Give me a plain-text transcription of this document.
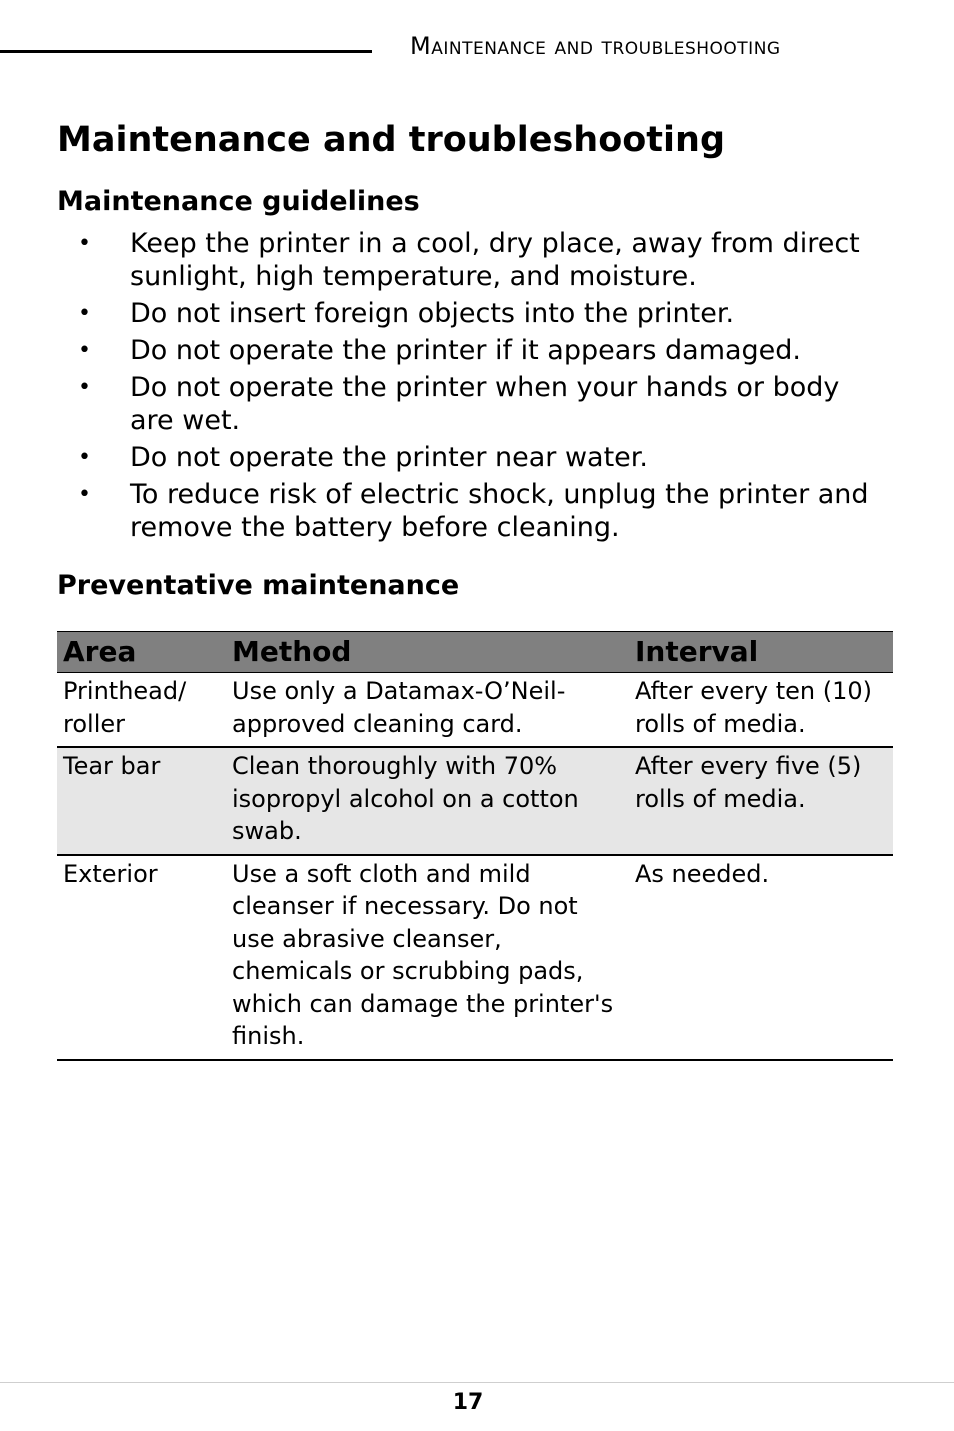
Maintenance and troubleshooting
Maintenance and troubleshooting
Maintenance guidelines
• Keep the printer in a cool, dry place, away from direct sunlight, high temperature, and moisture.
• Do not insert foreign objects into the printer.
• Do not operate the printer if it appears damaged.
• Do not operate the printer when your hands or body are wet.
• Do not operate the printer near water.
• To reduce risk of electric shock, unplug the printer and remove the battery before cleaning.
Preventative maintenance
Area	Method	Interval
Printhead/ roller	Use only a Datamax-O’Neil-approved cleaning card.	After every ten (10) rolls of media.
Tear bar	Clean thoroughly with 70% isopropyl alcohol on a cotton swab.	After every five (5) rolls of media.
Exterior	Use a soft cloth and mild cleanser if necessary. Do not use abrasive cleanser, chemicals or scrubbing pads, which can damage the printer's finish.	As needed.
17
